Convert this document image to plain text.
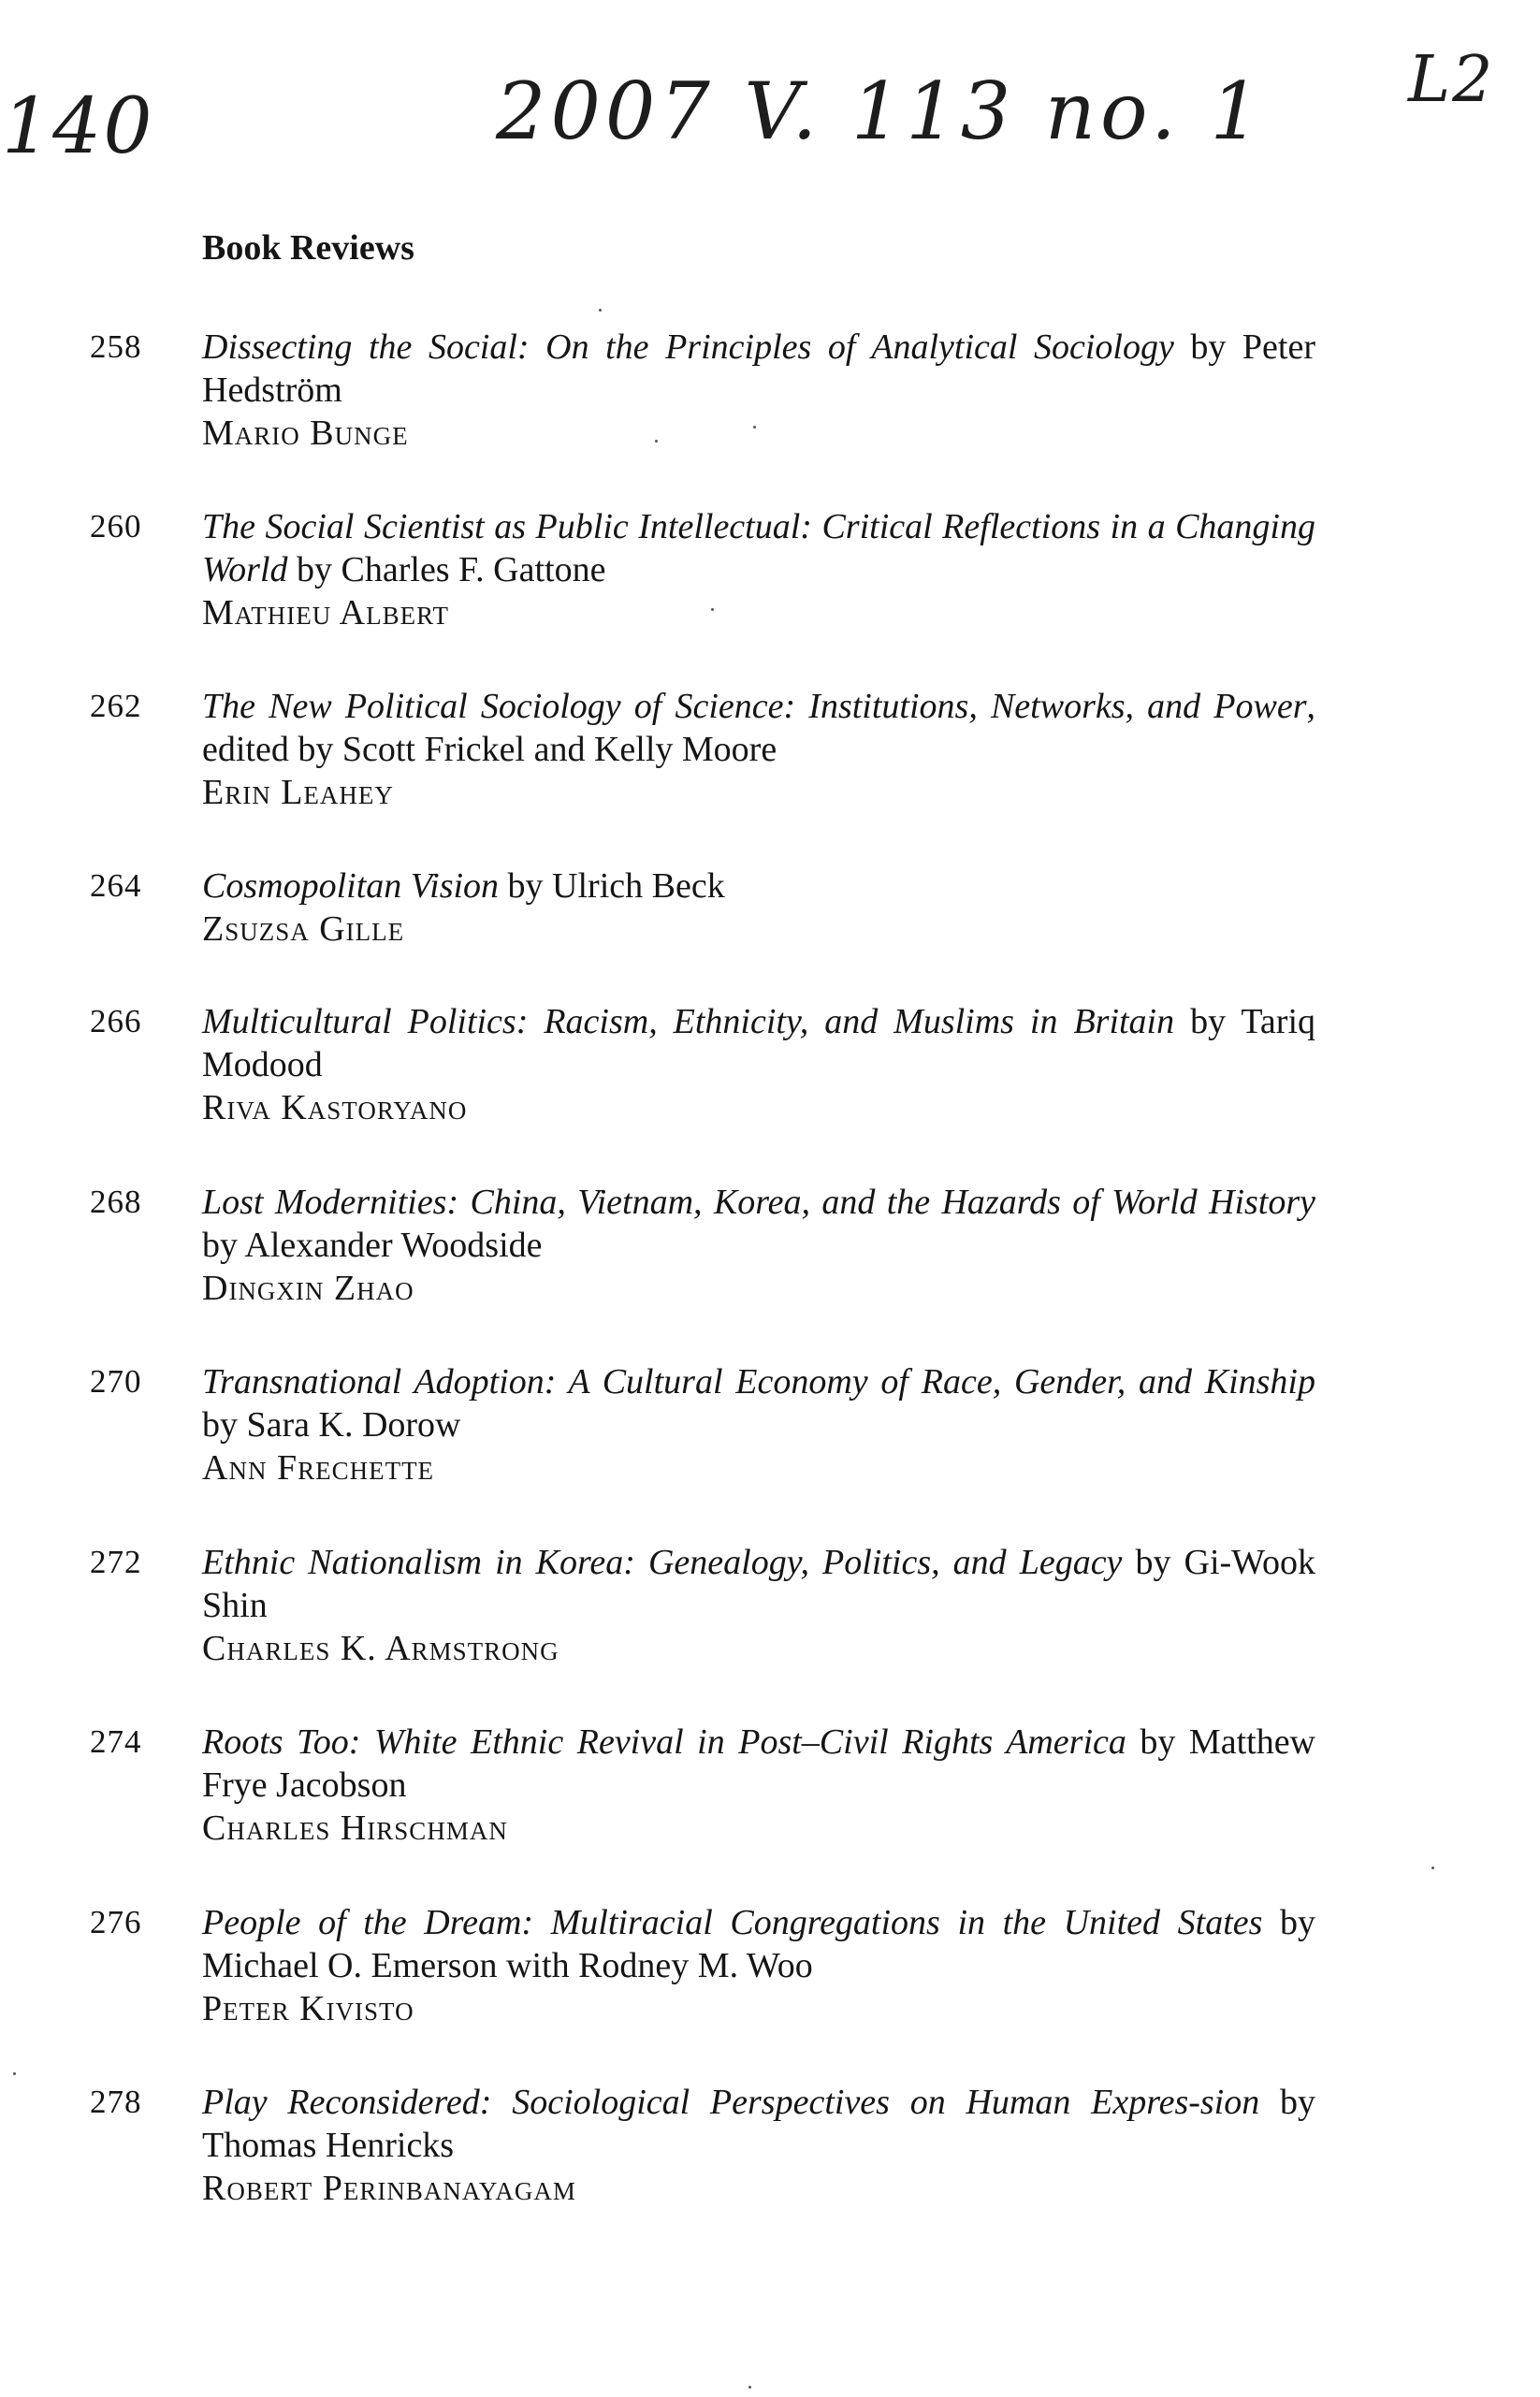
140	2007 V. 113 no. 1 L2
Book Reviews
258 Dissecting the Social: On the Principles of Analytical Sociology by Peter Hedström
Mario Bunge
260 The Social Scientist as Public Intellectual: Critical Reflections in a Changing World by Charles F. Gattone
Mathieu Albert
262 The New Political Sociology of Science: Institutions, Networks, and Power, edited by Scott Frickel and Kelly Moore
Erin Leahey
264 Cosmopolitan Vision by Ulrich Beck
Zsuzsa Gille
266 Multicultural Politics: Racism, Ethnicity, and Muslims in Britain by Tariq Modood
Riva Kastoryano
268 Lost Modernities: China, Vietnam, Korea, and the Hazards of World History by Alexander Woodside
Dingxin Zhao
270 Transnational Adoption: A Cultural Economy of Race, Gender, and Kinship by Sara K. Dorow
Ann Frechette
272 Ethnic Nationalism in Korea: Genealogy, Politics, and Legacy by Gi-Wook Shin
Charles K. Armstrong
274 Roots Too: White Ethnic Revival in Post–Civil Rights America by Matthew Frye Jacobson
Charles Hirschman
276 People of the Dream: Multiracial Congregations in the United States by Michael O. Emerson with Rodney M. Woo
Peter Kivisto
278 Play Reconsidered: Sociological Perspectives on Human Expres-sion by Thomas Henricks
Robert Perinbanayagam
